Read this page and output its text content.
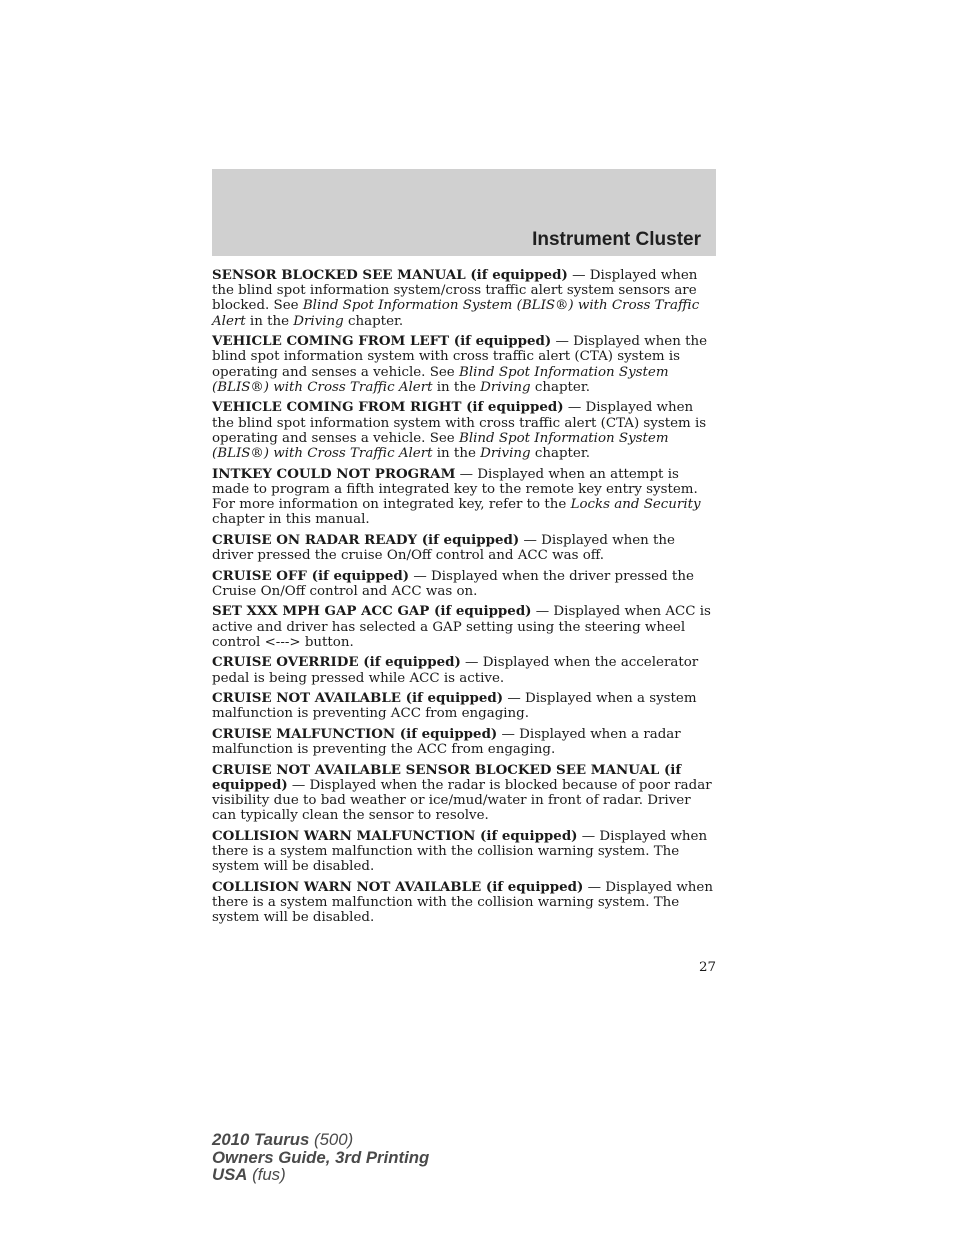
Instrument Cluster

SENSOR BLOCKED SEE MANUAL (if equipped) — Displayed when the blind spot information system/cross traffic alert system sensors are blocked. See Blind Spot Information System (BLIS®) with Cross Traffic Alert in the Driving chapter.

VEHICLE COMING FROM LEFT (if equipped) — Displayed when the blind spot information system with cross traffic alert (CTA) system is operating and senses a vehicle. See Blind Spot Information System (BLIS®) with Cross Traffic Alert in the Driving chapter.

VEHICLE COMING FROM RIGHT (if equipped) — Displayed when the blind spot information system with cross traffic alert (CTA) system is operating and senses a vehicle. See Blind Spot Information System (BLIS®) with Cross Traffic Alert in the Driving chapter.

INTKEY COULD NOT PROGRAM — Displayed when an attempt is made to program a fifth integrated key to the remote key entry system. For more information on integrated key, refer to the Locks and Security chapter in this manual.

CRUISE ON RADAR READY (if equipped) — Displayed when the driver pressed the cruise On/Off control and ACC was off.

CRUISE OFF (if equipped) — Displayed when the driver pressed the Cruise On/Off control and ACC was on.

SET XXX MPH GAP ACC GAP (if equipped) — Displayed when ACC is active and driver has selected a GAP setting using the steering wheel control <---> button.

CRUISE OVERRIDE (if equipped) — Displayed when the accelerator pedal is being pressed while ACC is active.

CRUISE NOT AVAILABLE (if equipped) — Displayed when a system malfunction is preventing ACC from engaging.

CRUISE MALFUNCTION (if equipped) — Displayed when a radar malfunction is preventing the ACC from engaging.

CRUISE NOT AVAILABLE SENSOR BLOCKED SEE MANUAL (if equipped) — Displayed when the radar is blocked because of poor radar visibility due to bad weather or ice/mud/water in front of radar. Driver can typically clean the sensor to resolve.

COLLISION WARN MALFUNCTION (if equipped) — Displayed when there is a system malfunction with the collision warning system. The system will be disabled.

COLLISION WARN NOT AVAILABLE (if equipped) — Displayed when there is a system malfunction with the collision warning system. The system will be disabled.

27
2010 Taurus (500)
Owners Guide, 3rd Printing
USA (fus)
